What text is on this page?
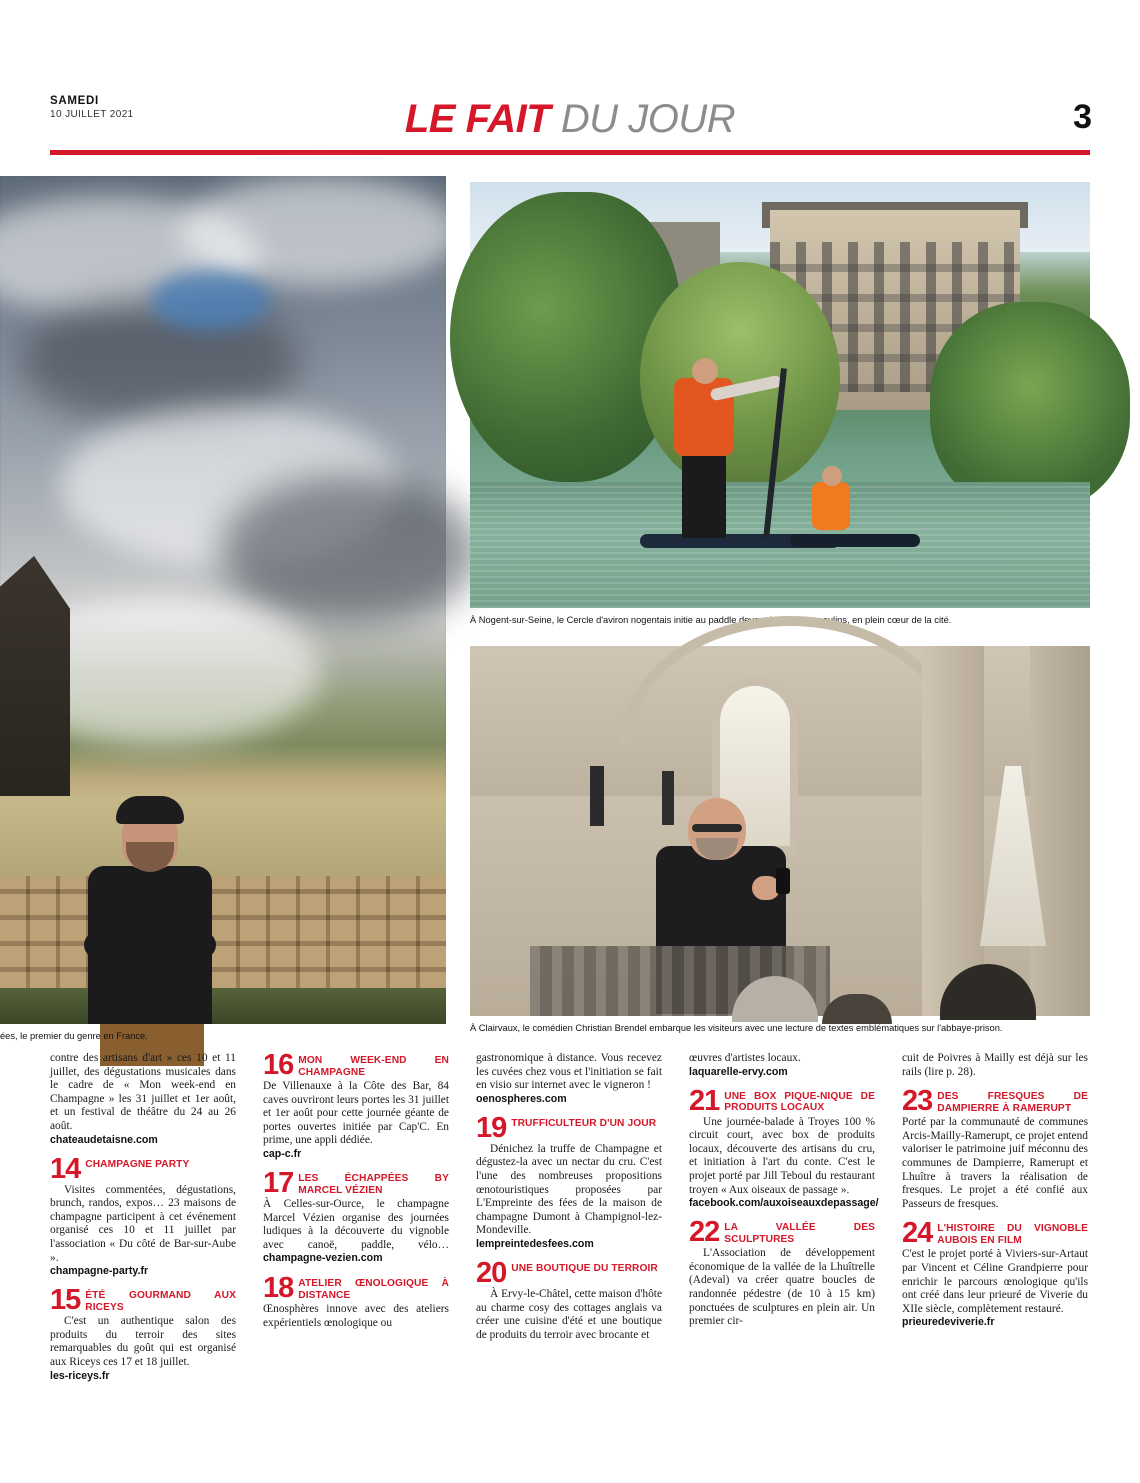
SAMEDI
10 JUILLET 2021	LE FAIT DU JOUR	3
ées, le premier du genre en France.
À Nogent-sur-Seine, le Cercle d'aviron nogentais initie au paddle devant les grands moulins, en plein cœur de la cité.
À Clairvaux, le comédien Christian Brendel embarque les visiteurs avec une lecture de textes emblématiques sur l'abbaye-prison.

contre des artisans d'art » ces 10 et 11 juillet, des dégustations musicales dans le cadre de « Mon week-end en Champagne » les 31 juillet et 1er août, et un festival de théâtre du 24 au 26 août.

chateaudetaisne.com
14 CHAMPAGNE PARTY

Visites commentées, dégustations, brunch, randos, expos… 23 maisons de champagne participent à cet événement organisé ces 10 et 11 juillet par l'association « Du côté de Bar-sur-Aube ».

champagne-party.fr
15 ÉTÉ GOURMAND AUX RICEYS

C'est un authentique salon des produits du terroir des sites remarquables du goût qui est organisé aux Riceys ces 17 et 18 juillet.

les-riceys.fr
16 MON WEEK-END EN CHAMPAGNE

De Villenauxe à la Côte des Bar, 84 caves ouvriront leurs portes les 31 juillet et 1er août pour cette journée géante de portes ouvertes initiée par Cap'C. En prime, une appli dédiée.

cap-c.fr
17 LES ÉCHAPPÉES BY MARCEL VÉZIEN

À Celles-sur-Ource, le champagne Marcel Vézien organise des journées ludiques à la découverte du vignoble avec canoë, paddle, vélo… champagne-vezien.com

18 ATELIER ŒNOLOGIQUE À DISTANCE

Œnosphères innove avec des ateliers expérientiels œnologique ou

gastronomique à distance. Vous recevez les cuvées chez vous et l'initiation se fait en visio sur internet avec le vigneron !

oenospheres.com
19 TRUFFICULTEUR D'UN JOUR

Dénichez la truffe de Champagne et dégustez-la avec un nectar du cru. C'est l'une des nombreuses propositions œnotouristiques proposées par L'Empreinte des fées de la maison de champagne Dumont à Champignol-lez-Mondeville.

lempreintedesfees.com
20 UNE BOUTIQUE DU TERROIR

À Ervy-le-Châtel, cette maison d'hôte au charme cosy des cottages anglais va créer une cuisine d'été et une boutique de produits du terroir avec brocante et

œuvres d'artistes locaux.

laquarelle-ervy.com
21 UNE BOX PIQUE-NIQUE DE PRODUITS LOCAUX

Une journée-balade à Troyes 100 % circuit court, avec box de produits locaux, découverte des artisans du cru, et initiation à l'art du conte. C'est le projet porté par Jill Teboul du restaurant troyen « Aux oiseaux de passage ».

facebook.com/auxoiseauxdepassage/
22 LA VALLÉE DES SCULPTURES

L'Association de développement économique de la vallée de la Lhuîtrelle (Adeval) va créer quatre boucles de randonnée pédestre (de 10 à 15 km) ponctuées de sculptures en plein air. Un premier cir-

cuit de Poivres à Mailly est déjà sur les rails (lire p. 28).

23 DES FRESQUES DE DAMPIERRE À RAMERUPT

Porté par la communauté de communes Arcis-Mailly-Ramerupt, ce projet entend valoriser le patrimoine juif méconnu des communes de Dampierre, Ramerupt et Lhuître à travers la réalisation de fresques. Le projet a été confié aux Passeurs de fresques.

24 L'HISTOIRE DU VIGNOBLE AUBOIS EN FILM

C'est le projet porté à Viviers-sur-Artaut par Vincent et Céline Grandpierre pour enrichir le parcours œnologique qu'ils ont créé dans leur prieuré de Viverie du XIIe siècle, complètement restauré.

prieuredeviverie.fr
